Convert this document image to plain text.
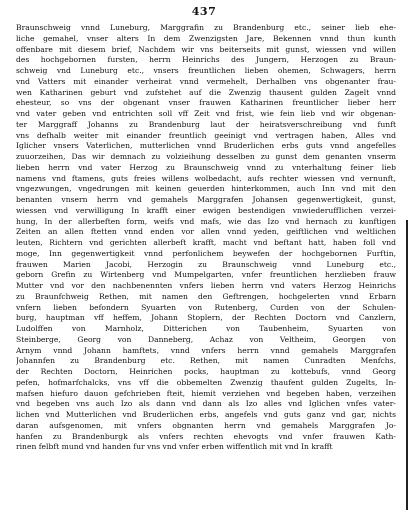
437
Braunschweig vnnd Luneburg, Marggrafin zu Brandenburg etc., seiner lieb ehe-
liche gemahel, vnser alters In dem Zwenzigsten Jare, Bekennen vnnd thun kunth
offenbare mit diesem brief, Nachdem wir vns beiterseits mit gunst, wiessen vnd willen
des hochgebornen fursten, herrn Heinrichs des Jungern, Herzogen zu Braun-
schweig vnd Luneburg etc., vnsers freuntlichen lieben ohemen, Schwagers, herrn
vnd Vatters mit einander verheirat vnnd vermehelt, Derhalben vns obgenanter frau-
wen Katharinen geburt vnd zufstehet auf die Zwenzig thausent gulden Zagelt vnnd
ehesteur, so vns der obgenant vnser frauwen Katharinen freuntlicher lieber herr
vnd vater geben vnd entrichten soll vff Zeit vnd frist, wie fein lieb vnd wir obgenan-
ter Marggraff Johanns zu Brandenburg laut der heiratsverschreibung vnd funft
vns defhalb weiter mit einander freuntlich geeinigt vnd vertragen haben, Alles vnd
Iglicher vnsers Vaterlichen, mutterlichen vnnd Bruderlichen erbs guts vnnd angefelles
zuuorzeihen, Das wir demnach zu volzieihung desselben zu gunst dem genanten vnserm
lieben herrn vnd vater Herzog zu Braunschweig vnnd zu vnterhaltung feiner lieb
namens vnd ftamens, guts freies willens wolbedacht, aufs rechter wiessen vnd vernunft,
vngezwungen, vngedrungen mit keinen geuerden hinterkommen, auch Inn vnd mit den
benanten vnsern herrn vnd gemahels Marggrafen Johansen gegenwertigkeit, gunst,
wiessen vnd verwilligung In krafft einer ewigen bestendigen vnwiederuffIichen verzei-
hung, In der allerbeften form, weifs vnd mafs, wie das Izo vnd hernach zu kunftigen
Zeiten an allen ftetten vnnd enden vor allen vnnd yeden, geiftlichen vnd weltlichen
leuten, Richtern vnd gerichten allerbeft krafft, macht vnd beftant hatt, haben foll vnd
moge, Inn gegenwertigkeit vnnd perfonlichem beywefen der hochgebornen Furftin,
frauwen Marien Jacobi, Herzogin zu Braunschweig vnnd Luneburg etc.,
geborn Grefin zu Wirtenberg vnd Mumpelgarten, vnfer freuntlichen herzlieben frauw
Mutter vnd vor den nachbenennten vnfers lieben herrn vnd vaters Herzog Heinrichs
zu Braunfchweig Rethen, mit namen den Geftrengen, hochgelerten vnnd Erbarn
vnfern lieben befondern Syuarten von Rutenberg, Curden von der Schulen-
burg, hauptman vff heffem, Johann Stoplern, der Rechten Doctorn vnd Canzlern,
Ludolffen von Marnholz, Ditterichen von Taubenheim, Syuarten von
Steinberge, Georg von Danneberg, Achaz von Veltheim, Georgen von
Arnym vnnd Johann hamftets, vnnd vnfers herrn vnnd gemahels Marggrafen
Johannfen zu Brandenburg etc. Rethen, mit namen Cunradten Menfchs,
der Rechten Doctorn, Heinrichen pocks, hauptman zu kottebufs, vnnd Georg
pefen, hofmarfchalcks, vns vff die obbemelten Zwenzig thaufent gulden Zugelts, In-
mafsen hiefuro dauon gefchrieben fteit, hiemit verziehen vnd begeben haben, verzeihen
vnd begeben vns auch Izo als dann vnd dann als Izo alles vnd Iglichen vnfes vater-
lichen vnd Mutterlichen vnd Bruderlichen erbs, angefels vnd guts ganz vnd gar, nichts
daran aufsgenomen, mit vnfers obgnanten herrn vnd gemahels Marggrafen Jo-
hanfen zu Brandenburgk als vnfers rechten ehevogts vnd vnfer frauwen Kath-
rinen felbft mund vnd handen fur vns vnd vnfer erben wiffentlich mit vnd In krafft
